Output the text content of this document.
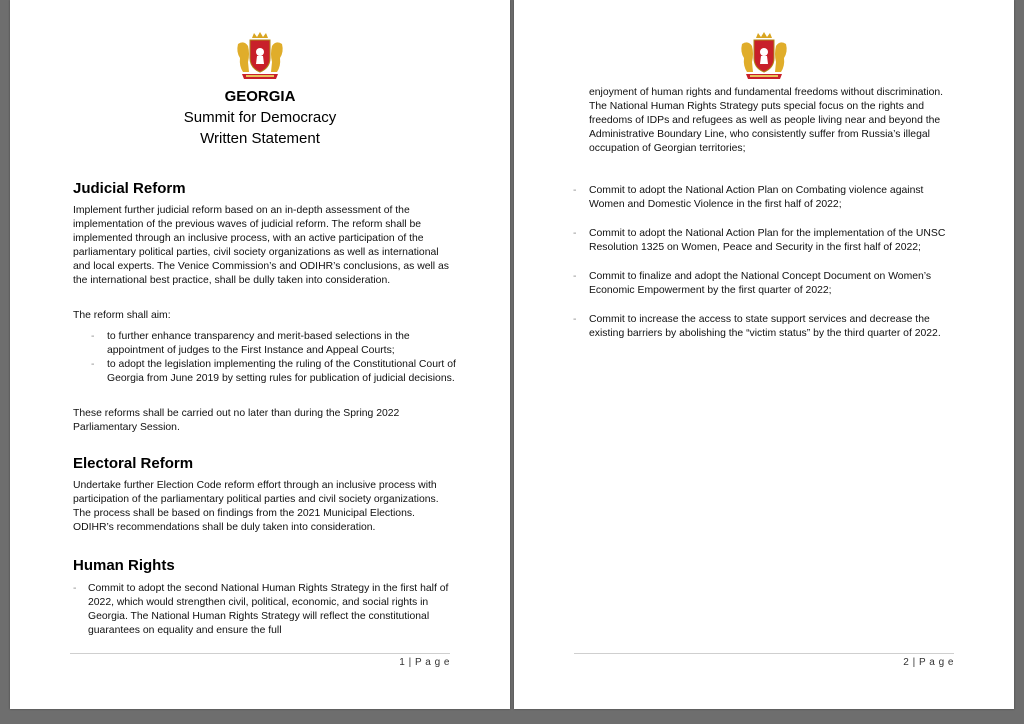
GEORGIA
Summit for Democracy
Written Statement
Judicial Reform
Implement further judicial reform based on an in-depth assessment of the implementation of the previous waves of judicial reform. The reform shall be implemented through an inclusive process, with an active participation of the parliamentary political parties, civil society organizations as well as international and local experts. The Venice Commission’s and ODIHR’s conclusions, as well as the international best practice, shall be dully taken into consideration.
The reform shall aim:
- to further enhance transparency and merit-based selections in the appointment of judges to the First Instance and Appeal Courts;
- to adopt the legislation implementing the ruling of the Constitutional Court of Georgia from June 2019 by setting rules for publication of judicial decisions.
These reforms shall be carried out no later than during the Spring 2022 Parliamentary Session.
Electoral Reform
Undertake further Election Code reform effort through an inclusive process with participation of the parliamentary political parties and civil society organizations. The process shall be based on findings from the 2021 Municipal Elections. ODIHR’s recommendations shall be duly taken into consideration.
Human Rights
- Commit to adopt the second National Human Rights Strategy in the first half of 2022, which would strengthen civil, political, economic, and social rights in Georgia. The National Human Rights Strategy will reflect the constitutional guarantees on equality and ensure the full
1 | P a g e
enjoyment of human rights and fundamental freedoms without discrimination. The National Human Rights Strategy puts special focus on the rights and freedoms of IDPs and refugees as well as people living near and beyond the Administrative Boundary Line, who consistently suffer from Russia’s illegal occupation of Georgian territories;
- Commit to adopt the National Action Plan on Combating violence against Women and Domestic Violence in the first half of 2022;
- Commit to adopt the National Action Plan for the implementation of the UNSC Resolution 1325 on Women, Peace and Security in the first half of 2022;
- Commit to finalize and adopt the National Concept Document on Women’s Economic Empowerment by the first quarter of 2022;
- Commit to increase the access to state support services and decrease the existing barriers by abolishing the “victim status” by the third quarter of 2022.
2 | P a g e
